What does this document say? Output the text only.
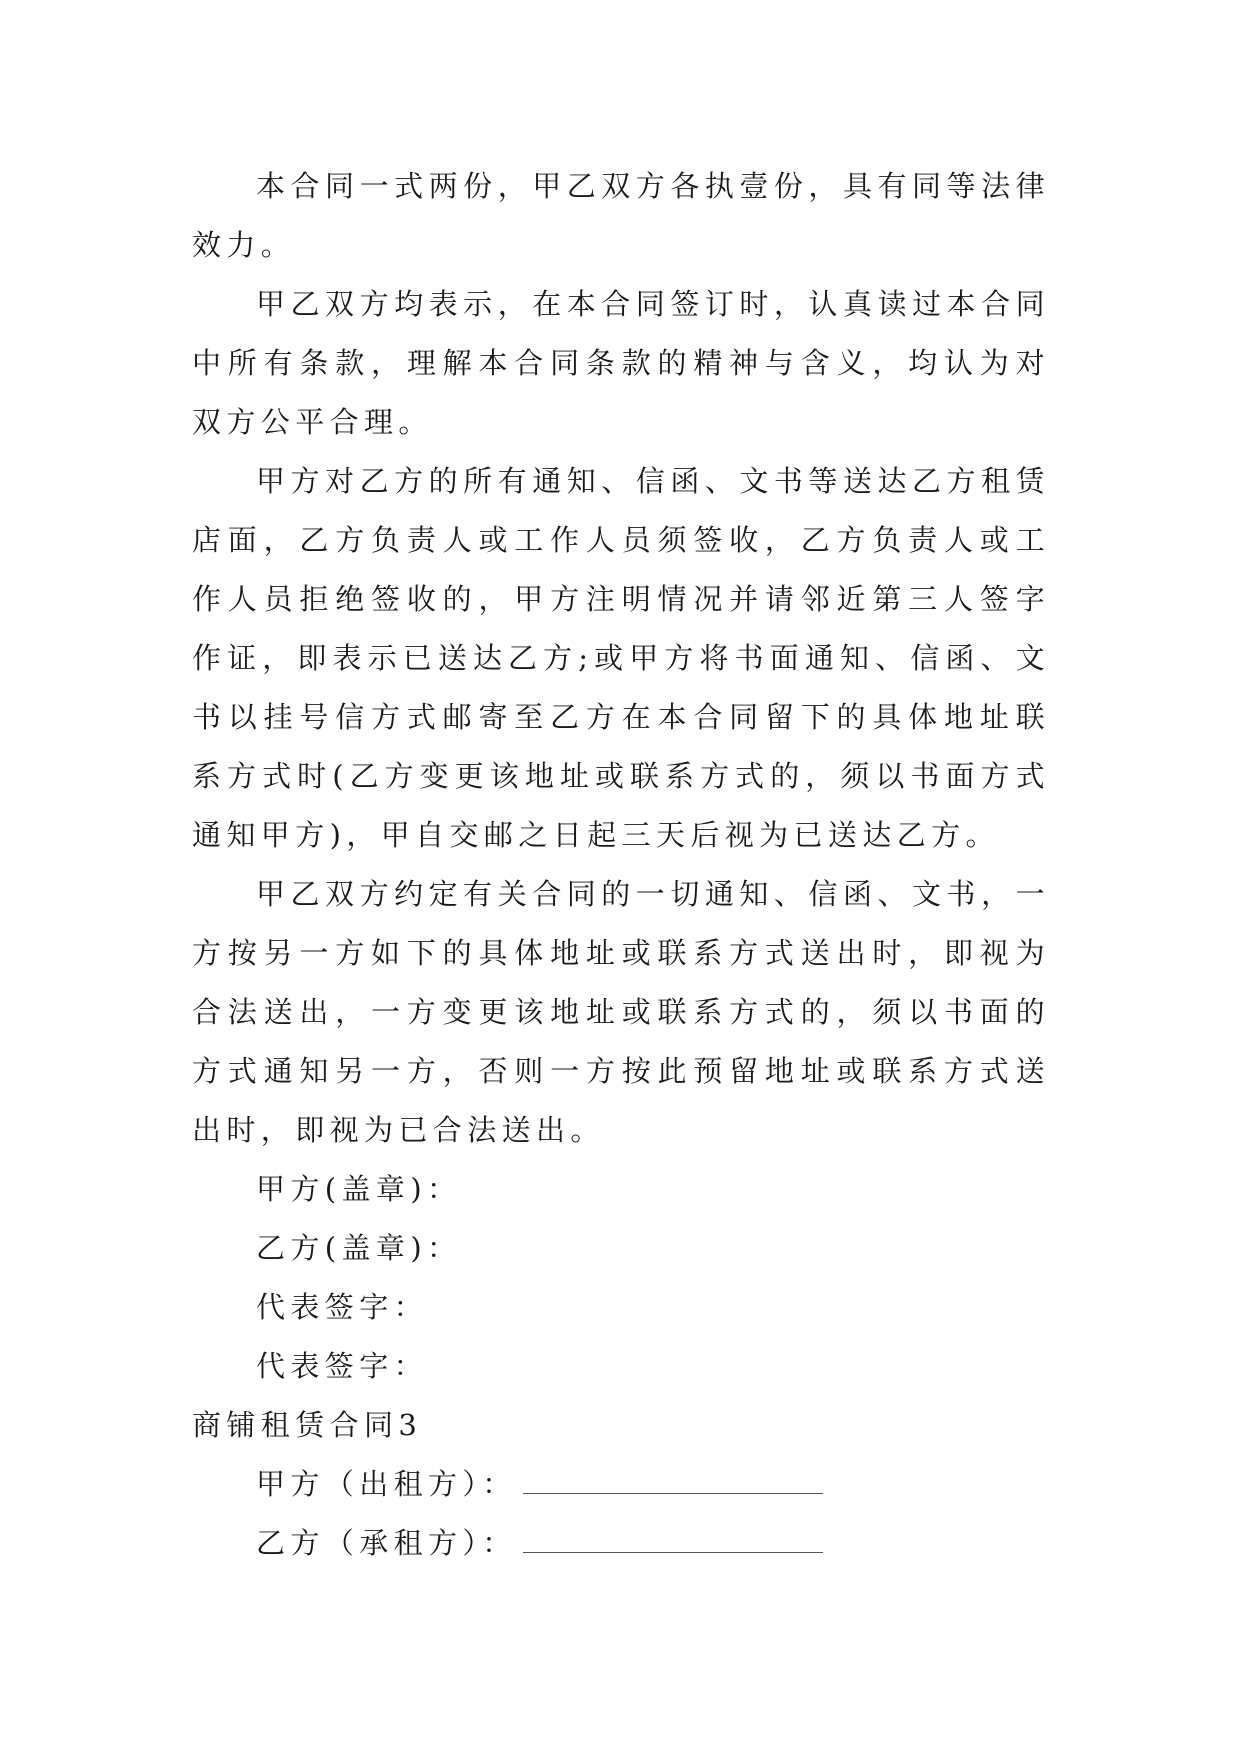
本合同一式两份，甲乙双方各执壹份，具有同等法律效力。

甲乙双方均表示，在本合同签订时，认真读过本合同中所有条款，理解本合同条款的精神与含义，均认为对双方公平合理。

甲方对乙方的所有通知、信函、文书等送达乙方租赁店面，乙方负责人或工作人员须签收，乙方负责人或工作人员拒绝签收的，甲方注明情况并请邻近第三人签字作证，即表示已送达乙方;或甲方将书面通知、信函、文书以挂号信方式邮寄至乙方在本合同留下的具体地址联系方式时(乙方变更该地址或联系方式的，须以书面方式通知甲方)，甲自交邮之日起三天后视为已送达乙方。

甲乙双方约定有关合同的一切通知、信函、文书，一方按另一方如下的具体地址或联系方式送出时，即视为合法送出，一方变更该地址或联系方式的，须以书面的方式通知另一方，否则一方按此预留地址或联系方式送出时，即视为已合法送出。

甲方(盖章)：

乙方(盖章)：

代表签字：

代表签字：

商铺租赁合同3

甲方（出租方）：

乙方（承租方）：
